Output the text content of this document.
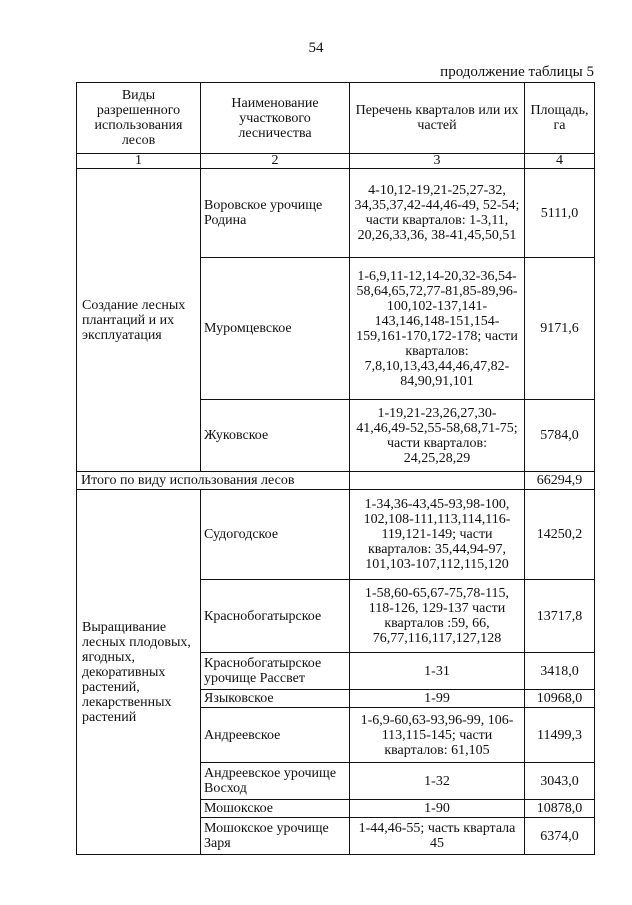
54
продолжение таблицы 5
Виды разрешенного использования лесов	Наименование участкового лесничества	Перечень кварталов или их частей	Площадь, га
1	2	3	4
Создание лесных плантаций и их эксплуатация	Воровское урочище Родина	4-10,12-19,21-25,27-32, 34,35,37,42-44,46-49, 52-54; части кварталов: 1-3,11, 20,26,33,36, 38-41,45,50,51	5111,0
	Муромцевское	1-6,9,11-12,14-20,32-36,54-58,64,65,72,77-81,85-89,96-100,102-137,141-143,146,148-151,154-159,161-170,172-178; части кварталов: 7,8,10,13,43,44,46,47,82-84,90,91,101	9171,6
	Жуковское	1-19,21-23,26,27,30-41,46,49-52,55-58,68,71-75; части кварталов: 24,25,28,29	5784,0
Итого по виду использования лесов			66294,9
Выращивание лесных плодовых, ягодных, декоративных растений, лекарственных растений	Судогодское	1-34,36-43,45-93,98-100, 102,108-111,113,114,116-119,121-149; части кварталов: 35,44,94-97, 101,103-107,112,115,120	14250,2
	Краснобогатырское	1-58,60-65,67-75,78-115, 118-126, 129-137 части кварталов :59, 66, 76,77,116,117,127,128	13717,8
	Краснобогатырское урочище Рассвет	1-31	3418,0
	Языковское	1-99	10968,0
	Андреевское	1-6,9-60,63-93,96-99, 106-113,115-145; части кварталов: 61,105	11499,3
	Андреевское урочище Восход	1-32	3043,0
	Мошокское	1-90	10878,0
	Мошокское урочище Заря	1-44,46-55; часть квартала 45	6374,0
